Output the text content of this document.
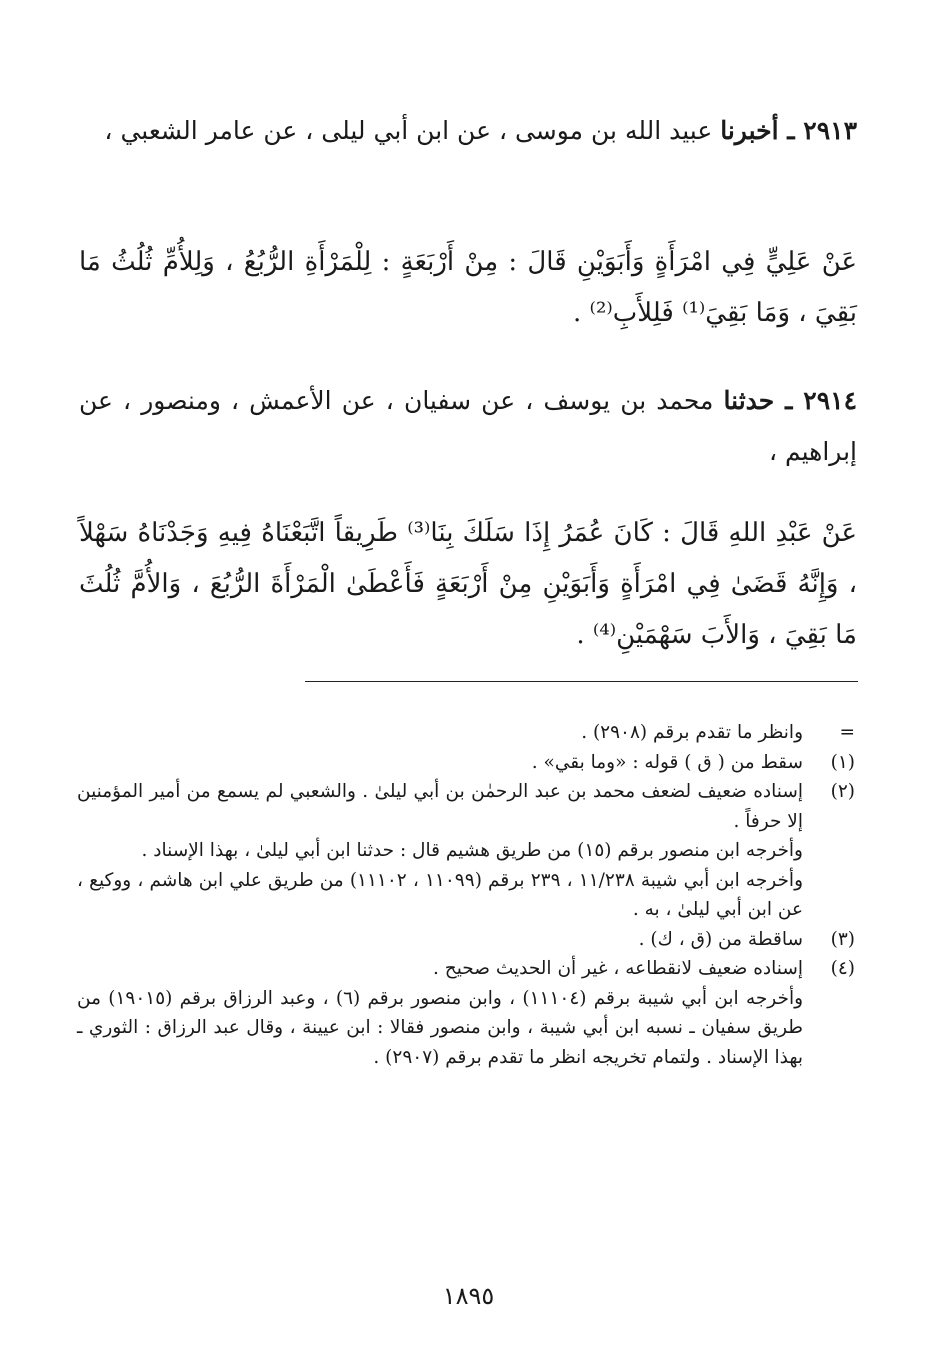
٢٩١٣ ـ أخبرنا عبيد الله بن موسى ، عن ابن أبي ليلى ، عن عامر الشعبي ،

عَنْ عَلِيٍّ فِي امْرَأَةٍ وَأَبَوَيْنِ قَالَ : مِنْ أَرْبَعَةٍ : لِلْمَرْأَةِ الرُّبُعُ ، وَلِلأُمِّ ثُلُثُ مَا بَقِيَ ، وَمَا بَقِيَ⁽¹⁾ فَلِلأَبِ⁽²⁾ .

٢٩١٤ ـ حدثنا محمد بن يوسف ، عن سفيان ، عن الأعمش ، ومنصور ، عن إبراهيم ،

عَنْ عَبْدِ اللهِ قَالَ : كَانَ عُمَرُ إِذَا سَلَكَ بِنَا⁽³⁾ طَرِيقاً اتَّبَعْنَاهُ فِيهِ وَجَدْنَاهُ سَهْلاً ، وَإِنَّهُ قَضَىٰ فِي امْرَأَةٍ وَأَبَوَيْنِ مِنْ أَرْبَعَةٍ فَأَعْطَىٰ الْمَرْأَةَ الرُّبُعَ ، وَالأُمَّ ثُلُثَ مَا بَقِيَ ، وَالأَبَ سَهْمَيْنِ⁽⁴⁾ .

=
وانظر ما تقدم برقم (٢٩٠٨) .
(١)
سقط من ( ق ) قوله : «وما بقي» .
(٢)
إسناده ضعيف لضعف محمد بن عبد الرحمٰن بن أبي ليلىٰ . والشعبي لم يسمع من أمير المؤمنين إلا حرفاً .
وأخرجه ابن منصور برقم (١٥) من طريق هشيم قال : حدثنا ابن أبي ليلىٰ ، بهذا الإسناد .
وأخرجه ابن أبي شيبة ١١/٢٣٨ ، ٢٣٩ برقم (١١٠٩٩ ، ١١١٠٢) من طريق علي ابن هاشم ، ووكيع ، عن ابن أبي ليلىٰ ، به .
(٣)
ساقطة من (ق ، ك) .
(٤)
إسناده ضعيف لانقطاعه ، غير أن الحديث صحيح .
وأخرجه ابن أبي شيبة برقم (١١١٠٤) ، وابن منصور برقم (٦) ، وعبد الرزاق برقم (١٩٠١٥) من طريق سفيان ـ نسبه ابن أبي شيبة ، وابن منصور فقالا : ابن عيينة ، وقال عبد الرزاق : الثوري ـ بهذا الإسناد . ولتمام تخريجه انظر ما تقدم برقم (٢٩٠٧) .
١٨٩٥
